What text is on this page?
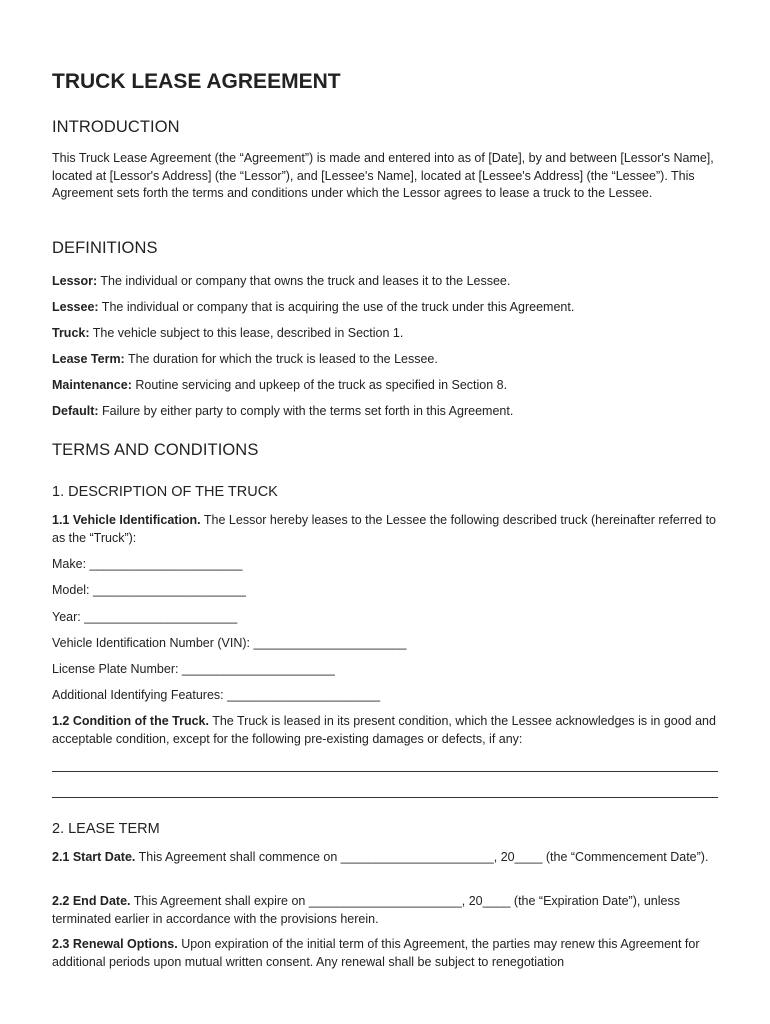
TRUCK LEASE AGREEMENT
INTRODUCTION

This Truck Lease Agreement (the “Agreement”) is made and entered into as of [Date], by and between [Lessor's Name], located at [Lessor's Address] (the “Lessor”), and [Lessee's Name], located at [Lessee's Address] (the “Lessee”). This Agreement sets forth the terms and conditions under which the Lessor agrees to lease a truck to the Lessee.

DEFINITIONS

Lessor: The individual or company that owns the truck and leases it to the Lessee.

Lessee: The individual or company that is acquiring the use of the truck under this Agreement.

Truck: The vehicle subject to this lease, described in Section 1.

Lease Term: The duration for which the truck is leased to the Lessee.

Maintenance: Routine servicing and upkeep of the truck as specified in Section 8.

Default: Failure by either party to comply with the terms set forth in this Agreement.

TERMS AND CONDITIONS
1. DESCRIPTION OF THE TRUCK

1.1 Vehicle Identification. The Lessor hereby leases to the Lessee the following described truck (hereinafter referred to as the “Truck”):

Make: ______________________

Model: ______________________

Year: ______________________

Vehicle Identification Number (VIN): ______________________

License Plate Number: ______________________

Additional Identifying Features: ______________________

1.2 Condition of the Truck. The Truck is leased in its present condition, which the Lessee acknowledges is in good and acceptable condition, except for the following pre-existing damages or defects, if any:

2. LEASE TERM

2.1 Start Date. This Agreement shall commence on ______________________, 20____ (the “Commencement Date”).

2.2 End Date. This Agreement shall expire on ______________________, 20____ (the “Expiration Date”), unless terminated earlier in accordance with the provisions herein.

2.3 Renewal Options. Upon expiration of the initial term of this Agreement, the parties may renew this Agreement for additional periods upon mutual written consent. Any renewal shall be subject to renegotiation
